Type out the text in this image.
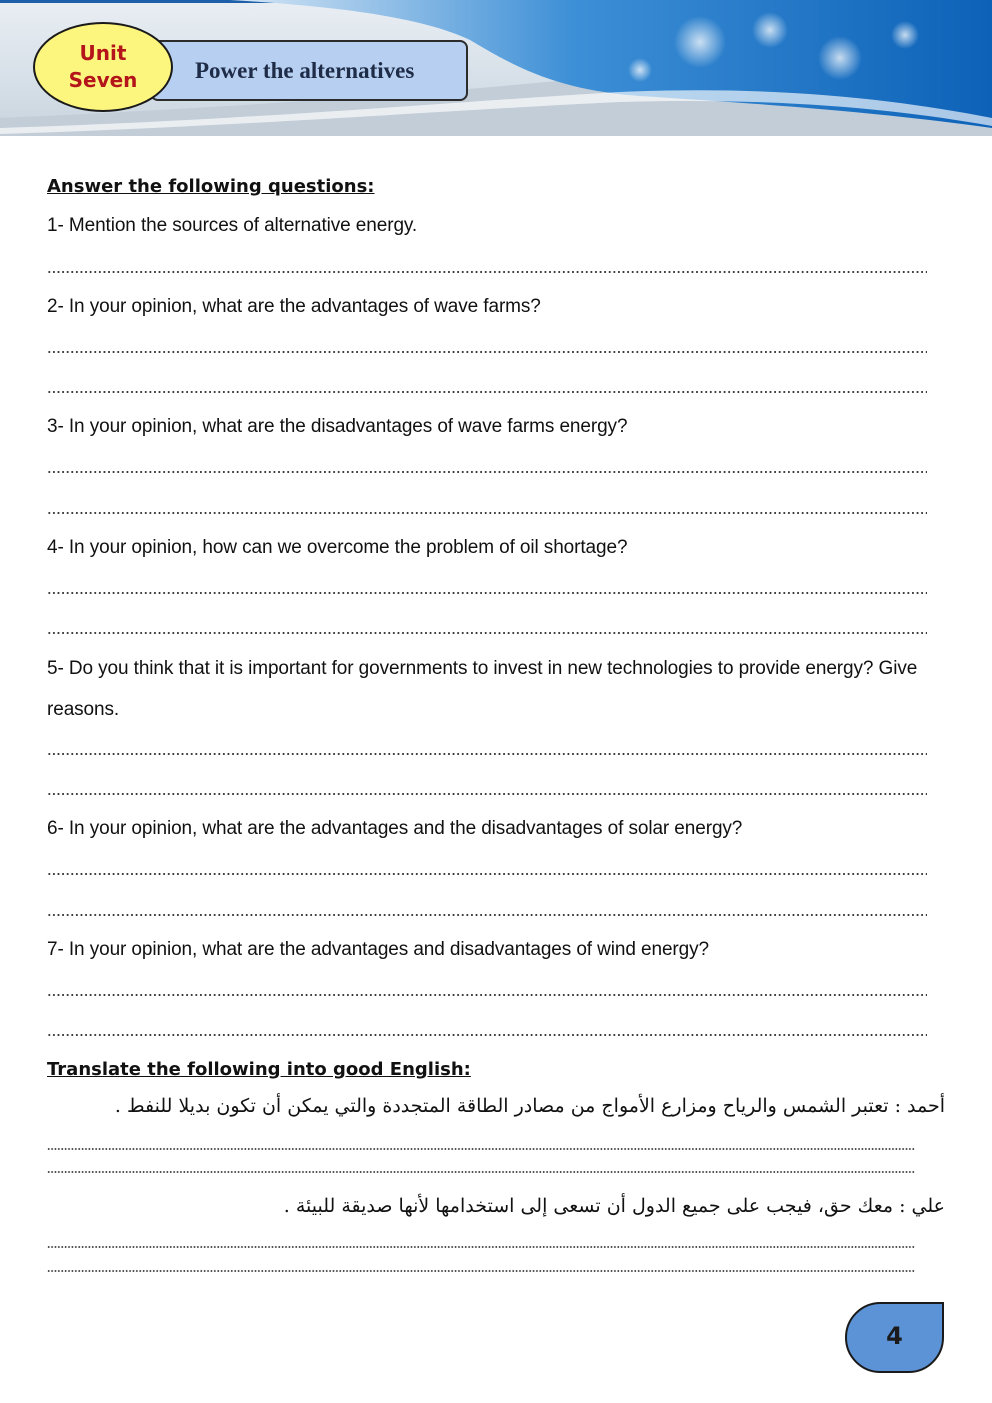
Unit
Seven	Power the alternatives
Answer the following questions:
1- Mention the sources of alternative energy.
2- In your opinion, what are the advantages of wave farms?
3- In your opinion, what are the disadvantages of wave farms energy?
4- In your opinion, how can we overcome the problem of oil shortage?
5- Do you think that it is important for governments to invest in new technologies to provide energy? Give
reasons.
6- In your opinion, what are the advantages and the disadvantages of solar energy?
7- In your opinion, what are the advantages and disadvantages of wind energy?
Translate the following into good English:
أحمد : تعتبر الشمس والرياح ومزارع الأمواج من مصادر الطاقة المتجددة والتي يمكن أن تكون بديلا للنفط .
علي : معك حق، فيجب على جميع الدول أن تسعى إلى استخدامها لأنها صديقة للبيئة .
4
